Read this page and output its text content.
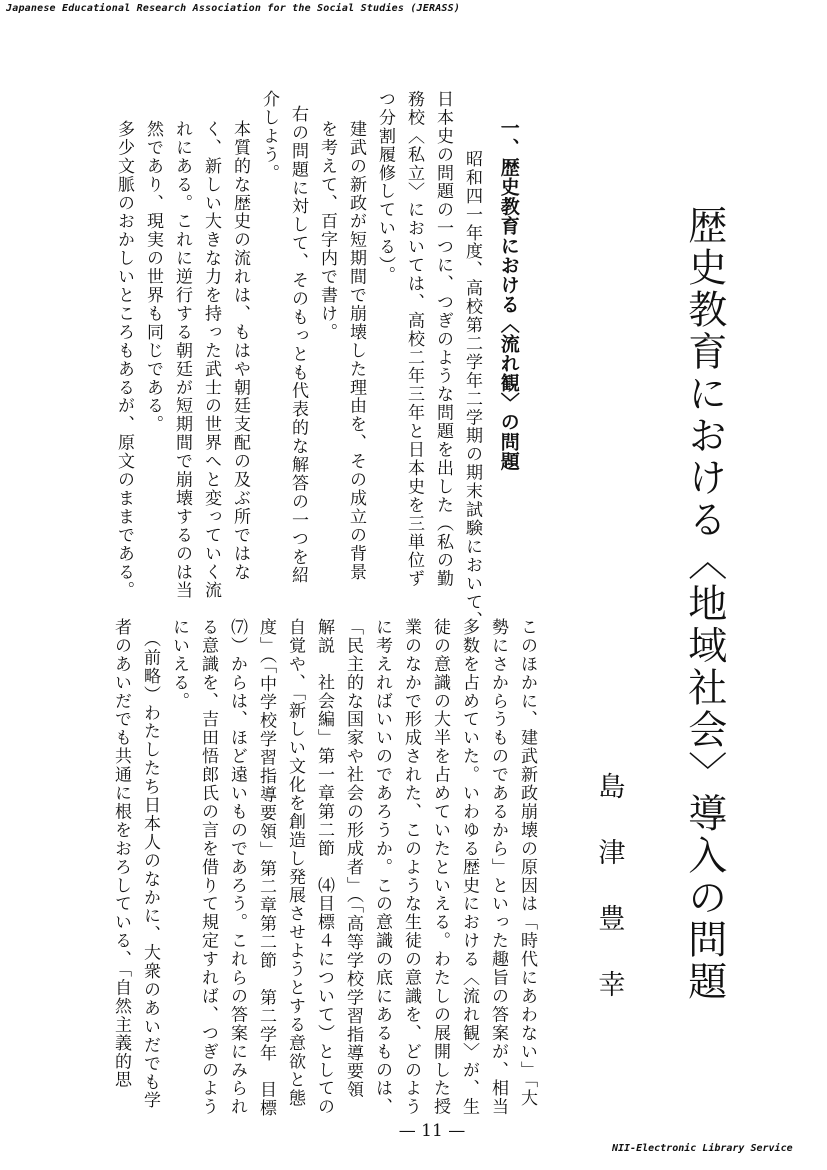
Japanese Educational Research Association for the Social Studies (JERASS)
歴史教育における〈地域社会〉導入の問題
島津豊幸
一、歴史教育における〈流れ観〉の問題
昭和四一年度、高校第二学年二学期の期末試験において、
日本史の問題の一つに、つぎのような問題を出した（私の勤
務校〈私立〉においては、高校二年三年と日本史を三単位ず
つ分割履修している）。
建武の新政が短期間で崩壊した理由を、その成立の背景
を考えて、百字内で書け。
右の問題に対して、そのもっとも代表的な解答の一つを紹
介しよう。
本質的な歴史の流れは、もはや朝廷支配の及ぶ所ではな
く、新しい大きな力を持った武士の世界へと変っていく流
れにある。これに逆行する朝廷が短期間で崩壊するのは当
然であり、現実の世界も同じである。
多少文脈のおかしいところもあるが、原文のままである。
このほかに、建武新政崩壊の原因は「時代にあわない」「大
勢にさからうものであるから」といった趣旨の答案が、相当
多数を占めていた。いわゆる歴史における〈流れ観〉が、生
徒の意識の大半を占めていたといえる。わたしの展開した授
業のなかで形成された、このような生徒の意識を、どのよう
に考えればいいのであろうか。この意識の底にあるものは、
「民主的な国家や社会の形成者」（「高等学校学習指導要領
解説　社会編」第一章第二節　⑷目標４について）としての
自覚や、「新しい文化を創造し発展させようとする意欲と態
度」（「中学校学習指導要領」第二章第二節　第二学年　目標
⑺）からは、ほど遠いものであろう。これらの答案にみられ
る意識を、吉田悟郎氏の言を借りて規定すれば、つぎのよう
にいえる。
（前略）わたしたち日本人のなかに、大衆のあいだでも学
者のあいだでも共通に根をおろしている、「自然主義的思
— 11 —
NII-Electronic Library Service
